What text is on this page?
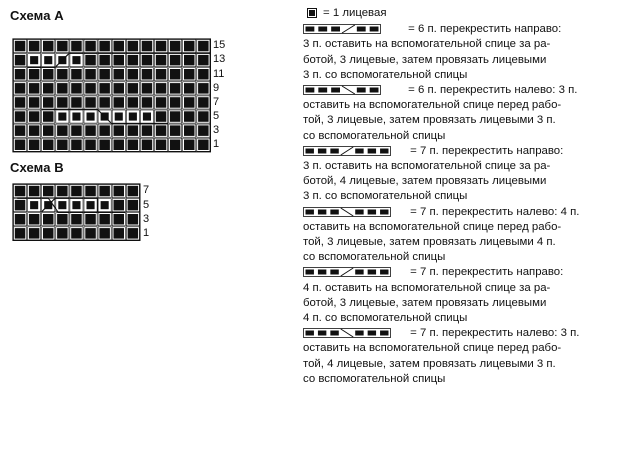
Схема А
Схема В
15
13
11
9
7
5
3
1
7
5
3
1
= 1 лицевая
= 6 п. перекрестить направо:
3 п. оставить на вспомогательной спице за ра-
ботой, 3 лицевые, затем провязать лицевыми
3 п. со вспомогательной спицы
= 6 п. перекрестить налево: 3 п.
оставить на вспомогательной спице перед рабо-
той, 3 лицевые, затем провязать лицевыми 3 п.
со вспомогательной спицы
= 7 п. перекрестить направо:
3 п. оставить на вспомогательной спице за ра-
ботой, 4 лицевые, затем провязать лицевыми
3 п. со вспомогательной спицы
= 7 п. перекрестить налево: 4 п.
оставить на вспомогательной спице перед рабо-
той, 3 лицевые, затем провязать лицевыми 4 п.
со вспомогательной спицы
= 7 п. перекрестить направо:
4 п. оставить на вспомогательной спице за ра-
ботой, 3 лицевые, затем провязать лицевыми
4 п. со вспомогательной спицы
= 7 п. перекрестить налево: 3 п.
оставить на вспомогательной спице перед рабо-
той, 4 лицевые, затем провязать лицевыми 3 п.
со вспомогательной спицы
